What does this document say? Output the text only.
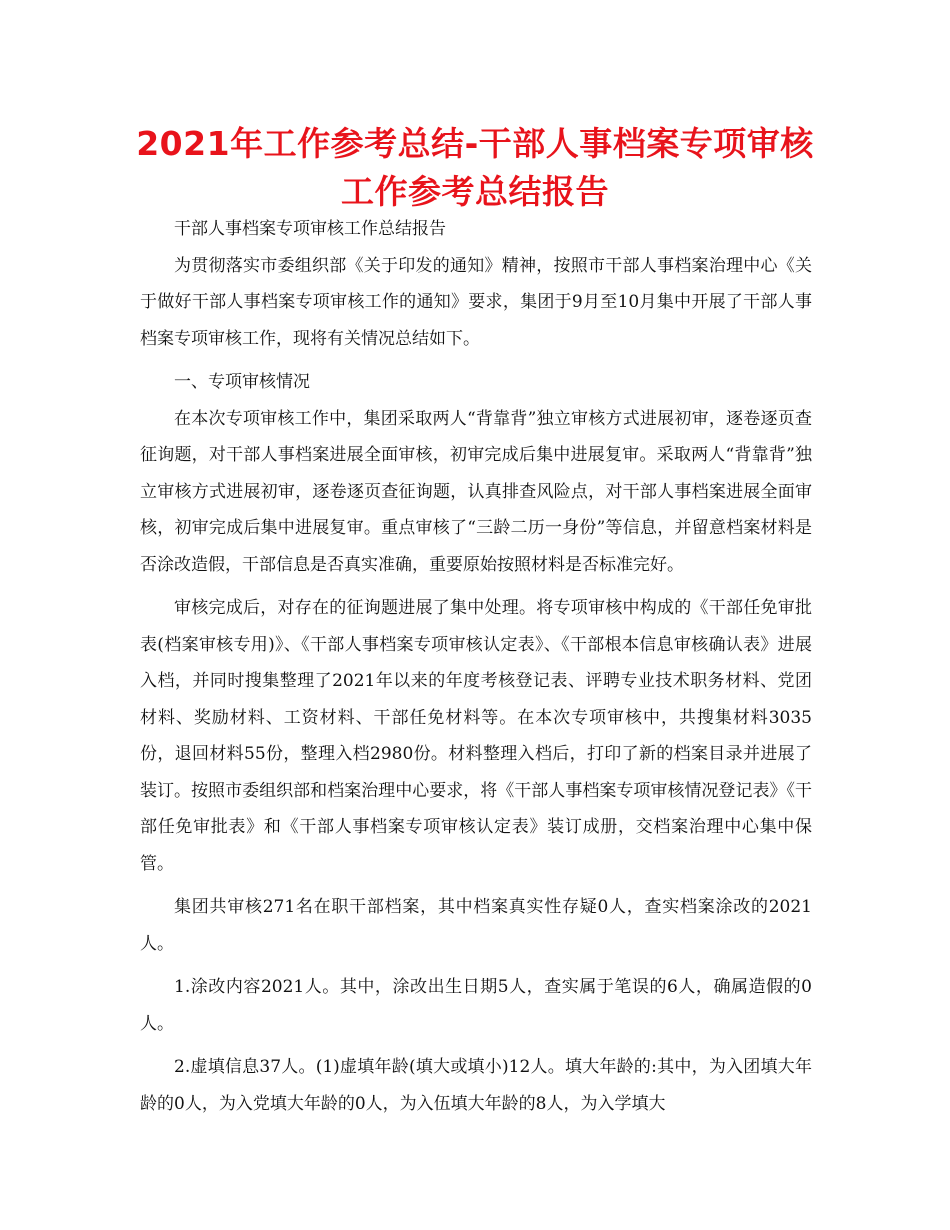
2021年工作参考总结-干部人事档案专项审核工作参考总结报告

干部人事档案专项审核工作总结报告

为贯彻落实市委组织部《关于印发的通知》精神，按照市干部人事档案治理中心《关于做好干部人事档案专项审核工作的通知》要求，集团于9月至10月集中开展了干部人事档案专项审核工作，现将有关情况总结如下。

一、专项审核情况

在本次专项审核工作中，集团采取两人“背靠背”独立审核方式进展初审，逐卷逐页查征询题，对干部人事档案进展全面审核，初审完成后集中进展复审。采取两人“背靠背”独立审核方式进展初审，逐卷逐页查征询题，认真排查风险点，对干部人事档案进展全面审核，初审完成后集中进展复审。重点审核了“三龄二历一身份”等信息，并留意档案材料是否涂改造假，干部信息是否真实准确，重要原始按照材料是否标准完好。

审核完成后，对存在的征询题进展了集中处理。将专项审核中构成的《干部任免审批表(档案审核专用)》、《干部人事档案专项审核认定表》、《干部根本信息审核确认表》进展入档，并同时搜集整理了2021年以来的年度考核登记表、评聘专业技术职务材料、党团材料、奖励材料、工资材料、干部任免材料等。在本次专项审核中，共搜集材料3035份，退回材料55份，整理入档2980份。材料整理入档后，打印了新的档案目录并进展了装订。按照市委组织部和档案治理中心要求，将《干部人事档案专项审核情况登记表》《干部任免审批表》和《干部人事档案专项审核认定表》装订成册，交档案治理中心集中保管。

集团共审核271名在职干部档案，其中档案真实性存疑0人，查实档案涂改的2021人。

1.涂改内容2021人。其中，涂改出生日期5人，查实属于笔误的6人，确属造假的0人。

2.虚填信息37人。(1)虚填年龄(填大或填小)12人。填大年龄的:其中，为入团填大年龄的0人，为入党填大年龄的0人，为入伍填大年龄的8人，为入学填大
